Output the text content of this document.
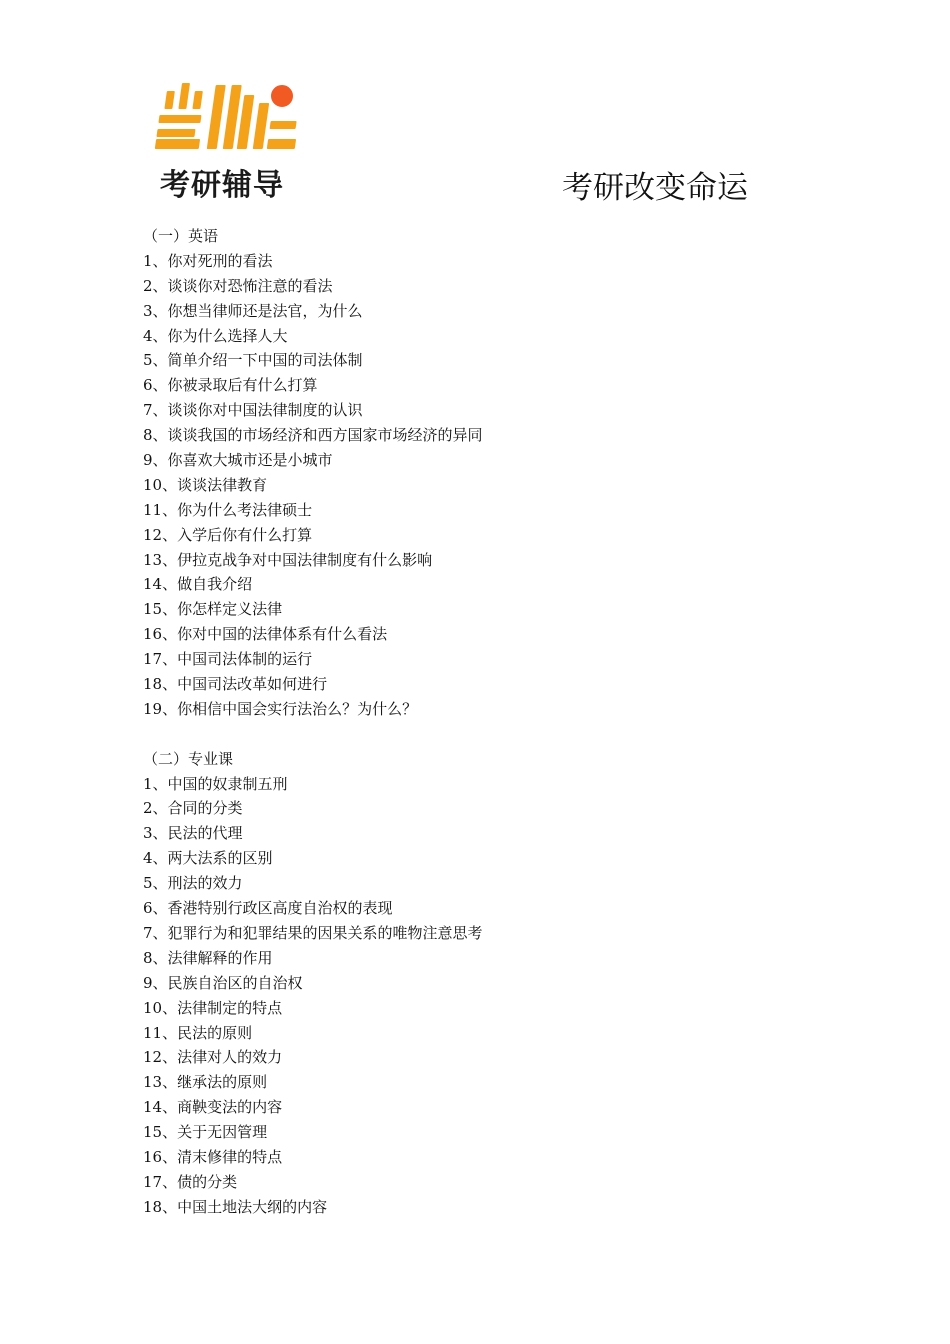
考研辅导	考研改变命运
（一）英语
1、你对死刑的看法
2、谈谈你对恐怖注意的看法
3、你想当律师还是法官，为什么
4、你为什么选择人大
5、简单介绍一下中国的司法体制
6、你被录取后有什么打算
7、谈谈你对中国法律制度的认识
8、谈谈我国的市场经济和西方国家市场经济的异同
9、你喜欢大城市还是小城市
10、谈谈法律教育
11、你为什么考法律硕士
12、入学后你有什么打算
13、伊拉克战争对中国法律制度有什么影响
14、做自我介绍
15、你怎样定义法律
16、你对中国的法律体系有什么看法
17、中国司法体制的运行
18、中国司法改革如何进行
19、你相信中国会实行法治么？为什么？
（二）专业课
1、中国的奴隶制五刑
2、合同的分类
3、民法的代理
4、两大法系的区别
5、刑法的效力
6、香港特别行政区高度自治权的表现
7、犯罪行为和犯罪结果的因果关系的唯物注意思考
8、法律解释的作用
9、民族自治区的自治权
10、法律制定的特点
11、民法的原则
12、法律对人的效力
13、继承法的原则
14、商鞅变法的内容
15、关于无因管理
16、清末修律的特点
17、债的分类
18、中国土地法大纲的内容
